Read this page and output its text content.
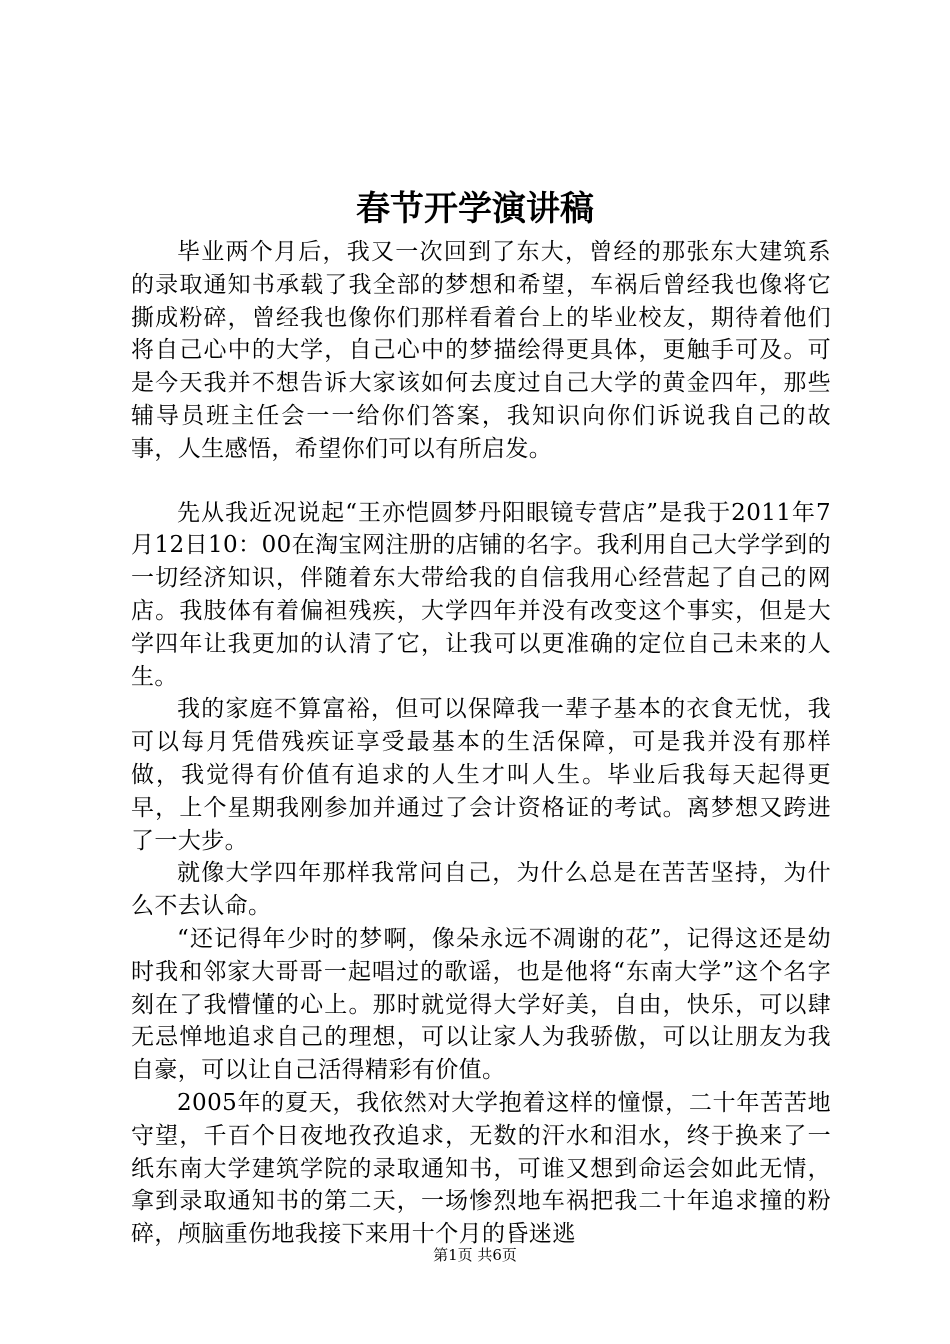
春节开学演讲稿

毕业两个月后，我又一次回到了东大，曾经的那张东大建筑系的录取通知书承载了我全部的梦想和希望，车祸后曾经我也像将它撕成粉碎，曾经我也像你们那样看着台上的毕业校友，期待着他们将自己心中的大学，自己心中的梦描绘得更具体，更触手可及。可是今天我并不想告诉大家该如何去度过自己大学的黄金四年，那些辅导员班主任会一一给你们答案，我知识向你们诉说我自己的故事，人生感悟，希望你们可以有所启发。

先从我近况说起“王亦恺圆梦丹阳眼镜专营店”是我于2011年7月12日10：00在淘宝网注册的店铺的名字。我利用自己大学学到的一切经济知识，伴随着东大带给我的自信我用心经营起了自己的网店。我肢体有着偏袒残疾，大学四年并没有改变这个事实，但是大学四年让我更加的认清了它，让我可以更准确的定位自己未来的人生。

我的家庭不算富裕，但可以保障我一辈子基本的衣食无忧，我可以每月凭借残疾证享受最基本的生活保障，可是我并没有那样做，我觉得有价值有追求的人生才叫人生。毕业后我每天起得更早，上个星期我刚参加并通过了会计资格证的考试。离梦想又跨进了一大步。

就像大学四年那样我常问自己，为什么总是在苦苦坚持，为什么不去认命。

“还记得年少时的梦啊，像朵永远不凋谢的花”，记得这还是幼时我和邻家大哥哥一起唱过的歌谣，也是他将“东南大学”这个名字刻在了我懵懂的心上。那时就觉得大学好美，自由，快乐，可以肆无忌惮地追求自己的理想，可以让家人为我骄傲，可以让朋友为我自豪，可以让自己活得精彩有价值。

2005年的夏天，我依然对大学抱着这样的憧憬，二十年苦苦地守望，千百个日夜地孜孜追求，无数的汗水和泪水，终于换来了一纸东南大学建筑学院的录取通知书，可谁又想到命运会如此无情，拿到录取通知书的第二天，一场惨烈地车祸把我二十年追求撞的粉碎，颅脑重伤地我接下来用十个月的昏迷逃

第1页 共6页
